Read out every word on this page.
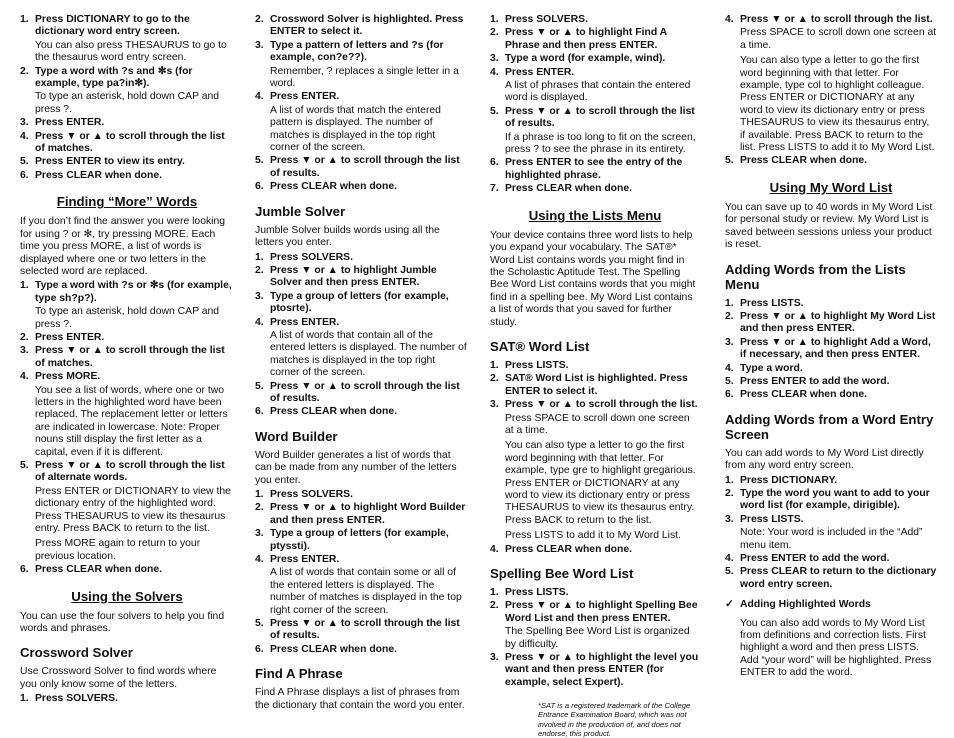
1. Press DICTIONARY to go to the dictionary word entry screen.
You can also press THESAURUS to go to the thesaurus word entry screen.
2. Type a word with ?s and ✻s (for example, type pa?in✻).
To type an asterisk, hold down CAP and press ?.
3. Press ENTER.
4. Press ▼ or ▲ to scroll through the list of matches.
5. Press ENTER to view its entry.
6. Press CLEAR when done.
Finding “More” Words

If you don’t find the answer you were looking for using ? or ✻, try pressing MORE. Each time you press MORE, a list of words is displayed where one or two letters in the selected word are replaced.

1. Type a word with ?s or ✻s (for example, type sh?p?).
To type an asterisk, hold down CAP and press ?.
2. Press ENTER.
3. Press ▼ or ▲ to scroll through the list of matches.
4. Press MORE.
You see a list of words, where one or two letters in the highlighted word have been replaced. The replacement letter or letters are indicated in lowercase. Note: Proper nouns still display the first letter as a capital, even if it is different.
5. Press ▼ or ▲ to scroll through the list of alternate words.
Press ENTER or DICTIONARY to view the dictionary entry of the highlighted word. Press THESAURUS to view its thesaurus entry. Press BACK to return to the list.
Press MORE again to return to your previous location.
6. Press CLEAR when done.
Using the Solvers

You can use the four solvers to help you find words and phrases.

Crossword Solver

Use Crossword Solver to find words where you only know some of the letters.

1. Press SOLVERS.
2. Crossword Solver is highlighted. Press ENTER to select it.
3. Type a pattern of letters and ?s (for example, con?e??).
Remember, ? replaces a single letter in a word.
4. Press ENTER.
A list of words that match the entered pattern is displayed. The number of matches is displayed in the top right corner of the screen.
5. Press ▼ or ▲ to scroll through the list of results.
6. Press CLEAR when done.
Jumble Solver

Jumble Solver builds words using all the letters you enter.

1. Press SOLVERS.
2. Press ▼ or ▲ to highlight Jumble Solver and then press ENTER.
3. Type a group of letters (for example, ptosrte).
4. Press ENTER.
A list of words that contain all of the entered letters is displayed. The number of matches is displayed in the top right corner of the screen.
5. Press ▼ or ▲ to scroll through the list of results.
6. Press CLEAR when done.
Word Builder

Word Builder generates a list of words that can be made from any number of the letters you enter.

1. Press SOLVERS.
2. Press ▼ or ▲ to highlight Word Builder and then press ENTER.
3. Type a group of letters (for example, ptyssti).
4. Press ENTER.
A list of words that contain some or all of the entered letters is displayed. The number of matches is displayed in the top right corner of the screen.
5. Press ▼ or ▲ to scroll through the list of results.
6. Press CLEAR when done.
Find A Phrase

Find A Phrase displays a list of phrases from the dictionary that contain the word you enter.

1. Press SOLVERS.
2. Press ▼ or ▲ to highlight Find A Phrase and then press ENTER.
3. Type a word (for example, wind).
4. Press ENTER.
A list of phrases that contain the entered word is displayed.
5. Press ▼ or ▲ to scroll through the list of results.
If a phrase is too long to fit on the screen, press ? to see the phrase in its entirety.
6. Press ENTER to see the entry of the highlighted phrase.
7. Press CLEAR when done.
Using the Lists Menu

Your device contains three word lists to help you expand your vocabulary. The SAT®* Word List contains words you might find in the Scholastic Aptitude Test. The Spelling Bee Word List contains words that you might find in a spelling bee. My Word List contains a list of words that you saved for further study.

SAT® Word List
1. Press LISTS.
2. SAT® Word List is highlighted. Press ENTER to select it.
3. Press ▼ or ▲ to scroll through the list.
Press SPACE to scroll down one screen at a time.
You can also type a letter to go the first word beginning with that letter. For example, type gre to highlight gregarious. Press ENTER or DICTIONARY at any word to view its dictionary entry or press THESAURUS to view its thesaurus entry. Press BACK to return to the list.
Press LISTS to add it to My Word List.
4. Press CLEAR when done.
Spelling Bee Word List
1. Press LISTS.
2. Press ▼ or ▲ to highlight Spelling Bee Word List and then press ENTER.
The Spelling Bee Word List is organized by difficulty.
3. Press ▼ or ▲ to highlight the level you want and then press ENTER (for example, select Expert).

*SAT is a registered trademark of the College Entrance Examination Board, which was not involved in the production of, and does not endorse, this product.

4. Press ▼ or ▲ to scroll through the list.
Press SPACE to scroll down one screen at a time.
You can also type a letter to go the first word beginning with that letter. For example, type col to highlight colleague. Press ENTER or DICTIONARY at any word to view its dictionary entry or press THESAURUS to view its thesaurus entry, if available. Press BACK to return to the list. Press LISTS to add it to My Word List.
5. Press CLEAR when done.
Using My Word List

You can save up to 40 words in My Word List for personal study or review. My Word List is saved between sessions unless your product is reset.

Adding Words from the Lists Menu
1. Press LISTS.
2. Press ▼ or ▲ to highlight My Word List and then press ENTER.
3. Press ▼ or ▲ to highlight Add a Word, if necessary, and then press ENTER.
4. Type a word.
5. Press ENTER to add the word.
6. Press CLEAR when done.
Adding Words from a Word Entry Screen

You can add words to My Word List directly from any word entry screen.

1. Press DICTIONARY.
2. Type the word you want to add to your word list (for example, dirigible).
3. Press LISTS.
Note: Your word is included in the “Add” menu item.
4. Press ENTER to add the word.
5. Press CLEAR to return to the dictionary word entry screen.
✓ Adding Highlighted Words

You can also add words to My Word List from definitions and correction lists. First highlight a word and then press LISTS. Add “your word” will be highlighted. Press ENTER to add the word.
